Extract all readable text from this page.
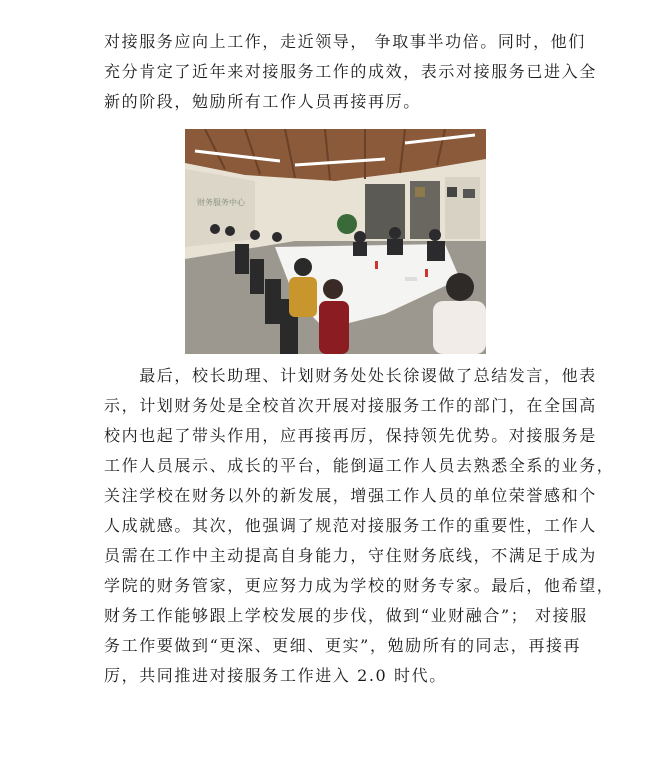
对接服务应向上工作，走近领导， 争取事半功倍。同时，他们
充分肯定了近年来对接服务工作的成效，表示对接服务已进入全
新的阶段，勉励所有工作人员再接再厉。
财务服务中心
　　最后，校长助理、计划财务处处长徐谡做了总结发言，他表
示，计划财务处是全校首次开展对接服务工作的部门，在全国高
校内也起了带头作用，应再接再厉，保持领先优势。对接服务是
工作人员展示、成长的平台，能倒逼工作人员去熟悉全系的业务，
关注学校在财务以外的新发展，增强工作人员的单位荣誉感和个
人成就感。其次，他强调了规范对接服务工作的重要性，工作人
员需在工作中主动提高自身能力，守住财务底线，不满足于成为
学院的财务管家，更应努力成为学校的财务专家。最后，他希望，
财务工作能够跟上学校发展的步伐，做到“业财融合”； 对接服
务工作要做到“更深、更细、更实”，勉励所有的同志，再接再
厉，共同推进对接服务工作进入 2.0 时代。
